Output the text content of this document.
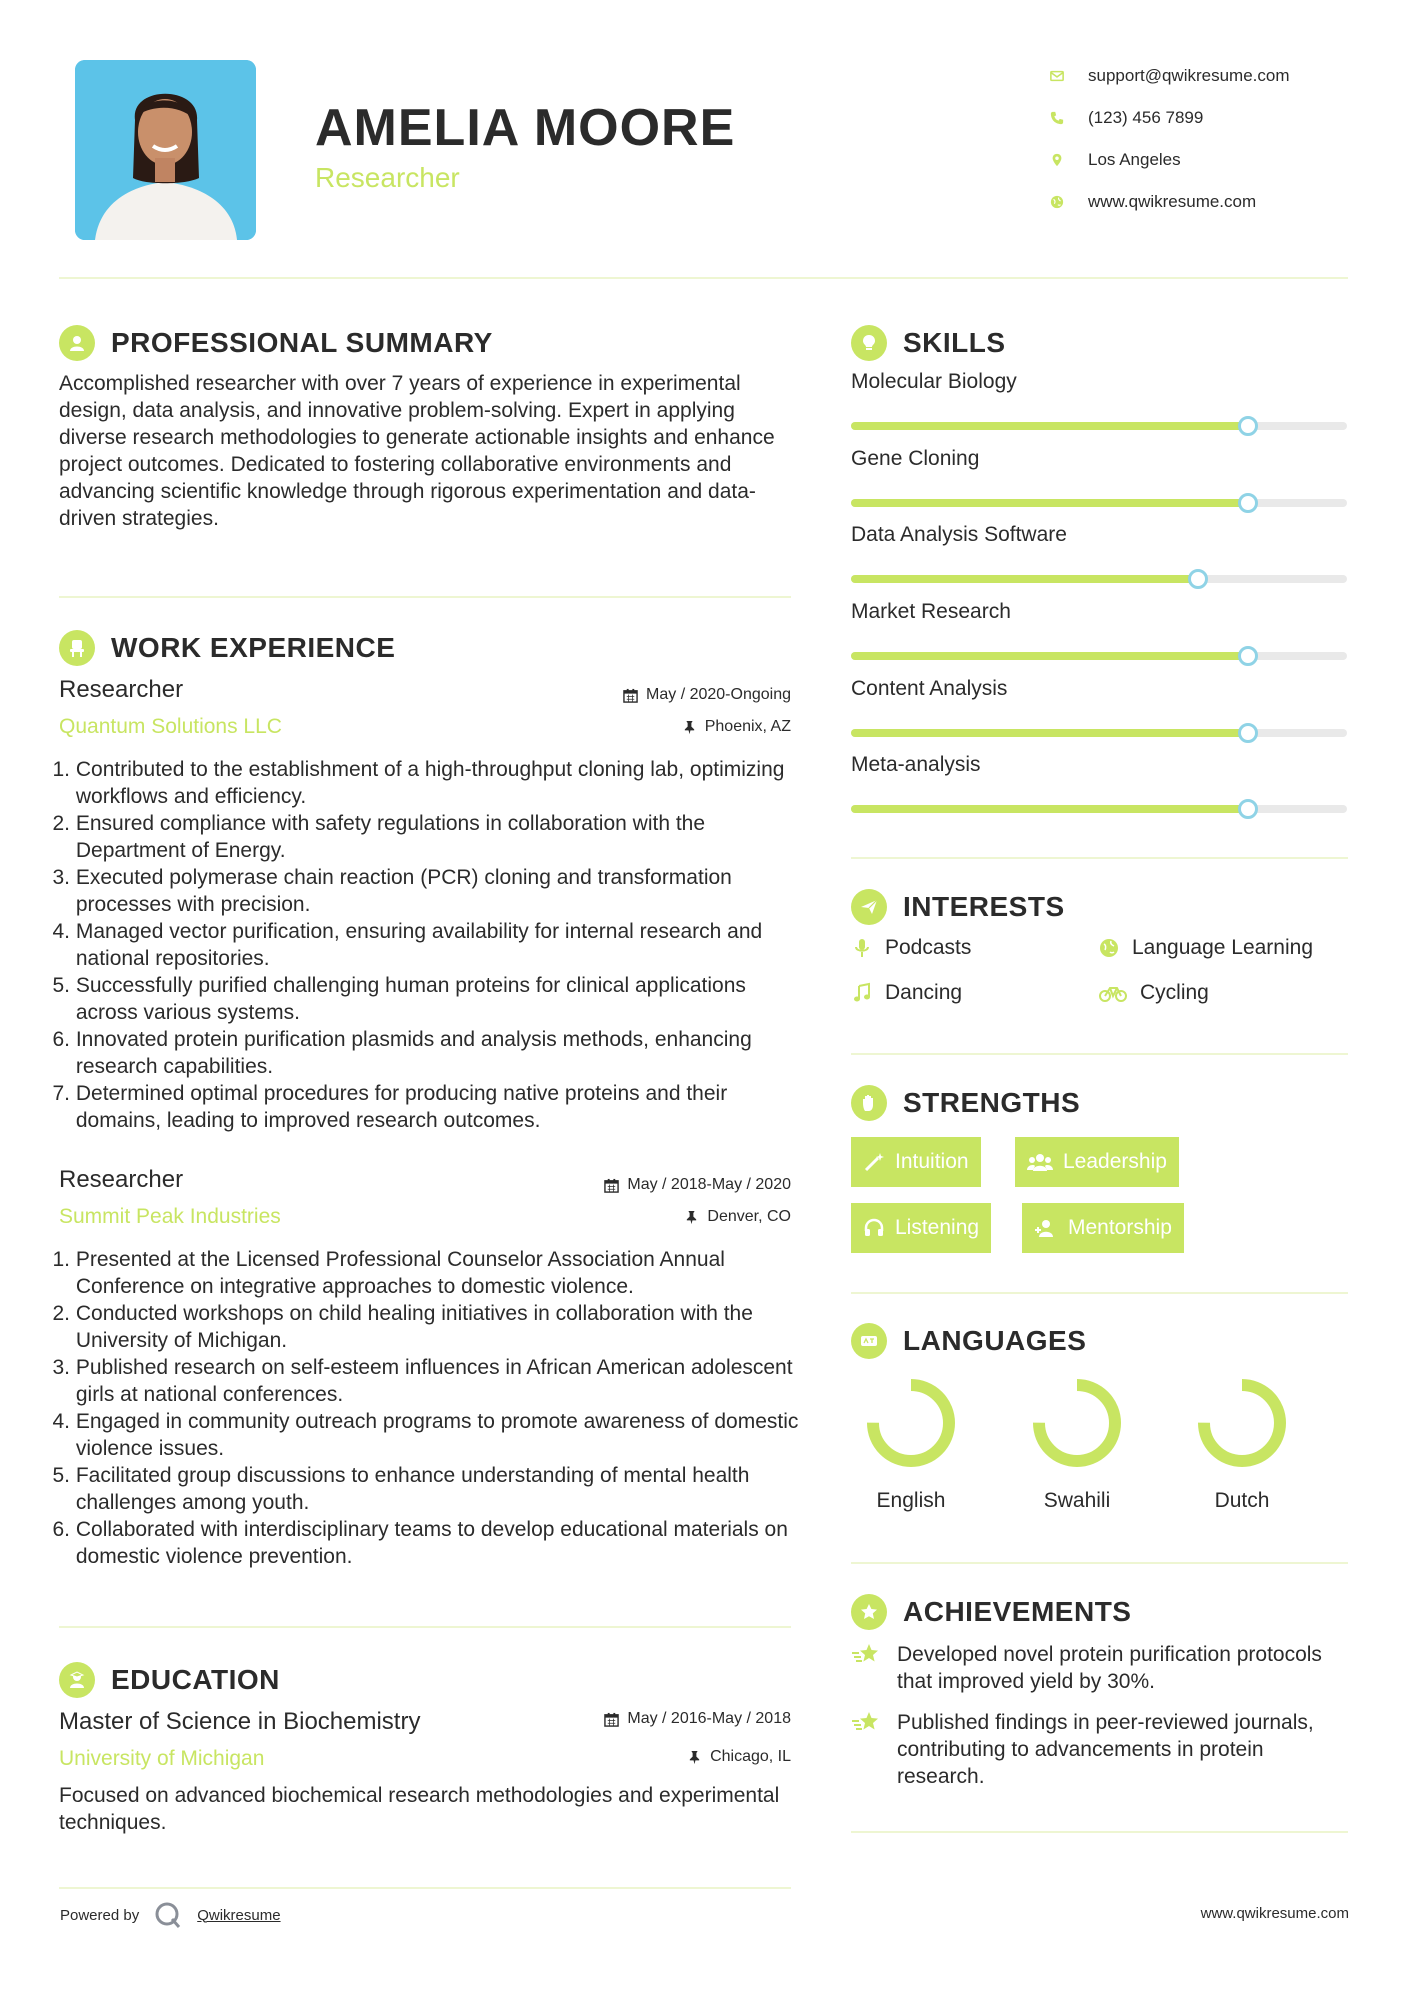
AMELIA MOORE
Researcher
support@qwikresume.com
(123) 456 7899
Los Angeles
www.qwikresume.com
PROFESSIONAL SUMMARY
Accomplished researcher with over 7 years of experience in experimental design, data analysis, and innovative problem-solving. Expert in applying diverse research methodologies to generate actionable insights and enhance project outcomes. Dedicated to fostering collaborative environments and advancing scientific knowledge through rigorous experimentation and data-driven strategies.
WORK EXPERIENCE
Researcher	May / 2020-Ongoing
Quantum Solutions LLC	Phoenix, AZ
1.
Contributed to the establishment of a high-throughput cloning lab, optimizing workflows and efficiency.
2.
Ensured compliance with safety regulations in collaboration with the Department of Energy.
3.
Executed polymerase chain reaction (PCR) cloning and transformation processes with precision.
4.
Managed vector purification, ensuring availability for internal research and national repositories.
5.
Successfully purified challenging human proteins for clinical applications across various systems.
6.
Innovated protein purification plasmids and analysis methods, enhancing research capabilities.
7.
Determined optimal procedures for producing native proteins and their domains, leading to improved research outcomes.
Researcher	May / 2018-May / 2020
Summit Peak Industries	Denver, CO
1.
Presented at the Licensed Professional Counselor Association Annual Conference on integrative approaches to domestic violence.
2.
Conducted workshops on child healing initiatives in collaboration with the University of Michigan.
3.
Published research on self-esteem influences in African American adolescent girls at national conferences.
4.
Engaged in community outreach programs to promote awareness of domestic violence issues.
5.
Facilitated group discussions to enhance understanding of mental health challenges among youth.
6.
Collaborated with interdisciplinary teams to develop educational materials on domestic violence prevention.
EDUCATION
Master of Science in Biochemistry	May / 2016-May / 2018
University of Michigan	Chicago, IL
Focused on advanced biochemical research methodologies and experimental techniques.
SKILLS
Molecular Biology
Gene Cloning
Data Analysis Software
Market Research
Content Analysis
Meta-analysis
INTERESTS
Podcasts	Language Learning
Dancing	Cycling
STRENGTHS
Intuition	Leadership
Listening	Mentorship
LANGUAGES
English	Swahili	Dutch
ACHIEVEMENTS
Developed novel protein purification protocols that improved yield by 30%.
Published findings in peer-reviewed journals, contributing to advancements in protein research.
Powered by	Qwikresume	www.qwikresume.com
